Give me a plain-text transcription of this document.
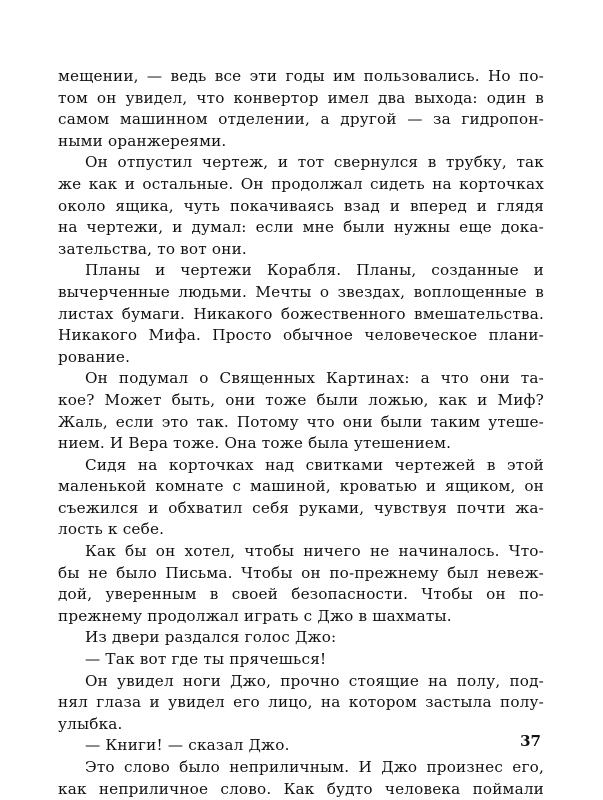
мещении, — ведь все эти годы им пользовались. Но по-
том он увидел, что конвертор имел два выхода: один в
самом машинном отделении, а другой — за гидропон-
ными оранжереями.
Он отпустил чертеж, и тот свернулся в трубку, так
же как и остальные. Он продолжал сидеть на корточках
около ящика, чуть покачиваясь взад и вперед и глядя
на чертежи, и думал: если мне были нужны еще дока-
зательства, то вот они.
Планы и чертежи Корабля. Планы, созданные и
вычерченные людьми. Мечты о звездах, воплощенные в
листах бумаги. Никакого божественного вмешательства.
Никакого Мифа. Просто обычное человеческое плани-
рование.
Он подумал о Священных Картинах: а что они та-
кое? Может быть, они тоже были ложью, как и Миф?
Жаль, если это так. Потому что они были таким утеше-
нием. И Вера тоже. Она тоже была утешением.
Сидя на корточках над свитками чертежей в этой
маленькой комнате с машиной, кроватью и ящиком, он
съежился и обхватил себя руками, чувствуя почти жа-
лость к себе.
Как бы он хотел, чтобы ничего не начиналось. Что-
бы не было Письма. Чтобы он по-прежнему был невеж-
дой, уверенным в своей безопасности. Чтобы он по-
прежнему продолжал играть с Джо в шахматы.
Из двери раздался голос Джо:
— Так вот где ты прячешься!
Он увидел ноги Джо, прочно стоящие на полу, под-
нял глаза и увидел его лицо, на котором застыла полу-
улыбка.
— Книги! — сказал Джо.
Это слово было неприличным. И Джо произнес его,
как неприличное слово. Как будто человека поймали
37
